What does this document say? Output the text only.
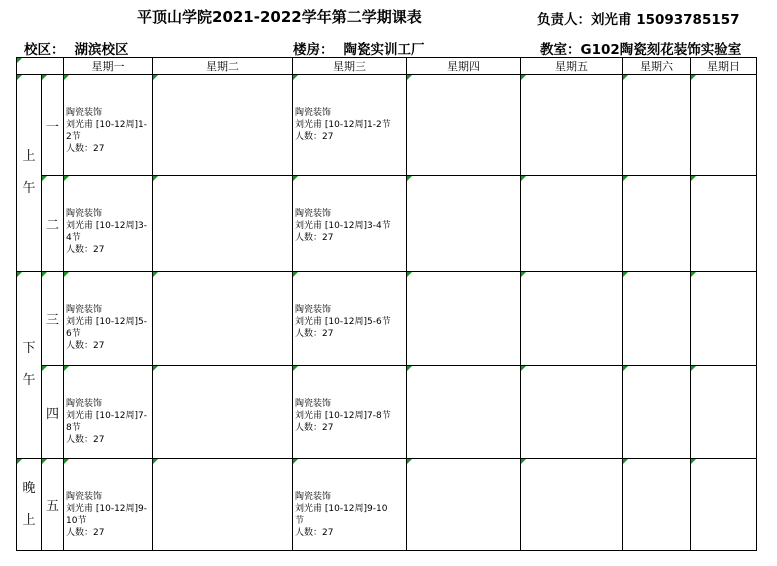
平顶山学院2021-2022学年第二学期课表	负责人：刘光甫 15093785157
校区： 湖滨校区	楼房： 陶瓷实训工厂	教室：G102陶瓷刻花装饰实验室
		星期一	星期二	星期三	星期四	星期五	星期六	星期日

上
午	一	陶瓷装饰
刘光甫 [10-12周]1-2节
人数：27		陶瓷装饰
刘光甫 [10-12周]1-2节
人数：27				

二	陶瓷装饰
刘光甫 [10-12周]3-4节
人数：27		陶瓷装饰
刘光甫 [10-12周]3-4节
人数：27				

下
午	三	陶瓷装饰
刘光甫 [10-12周]5-6节
人数：27		陶瓷装饰
刘光甫 [10-12周]5-6节
人数：27				

四	陶瓷装饰
刘光甫 [10-12周]7-8节
人数：27		陶瓷装饰
刘光甫 [10-12周]7-8节
人数：27				

晚
上	五	陶瓷装饰
刘光甫 [10-12周]9-10节
人数：27		陶瓷装饰
刘光甫 [10-12周]9-10
节
人数：27				
